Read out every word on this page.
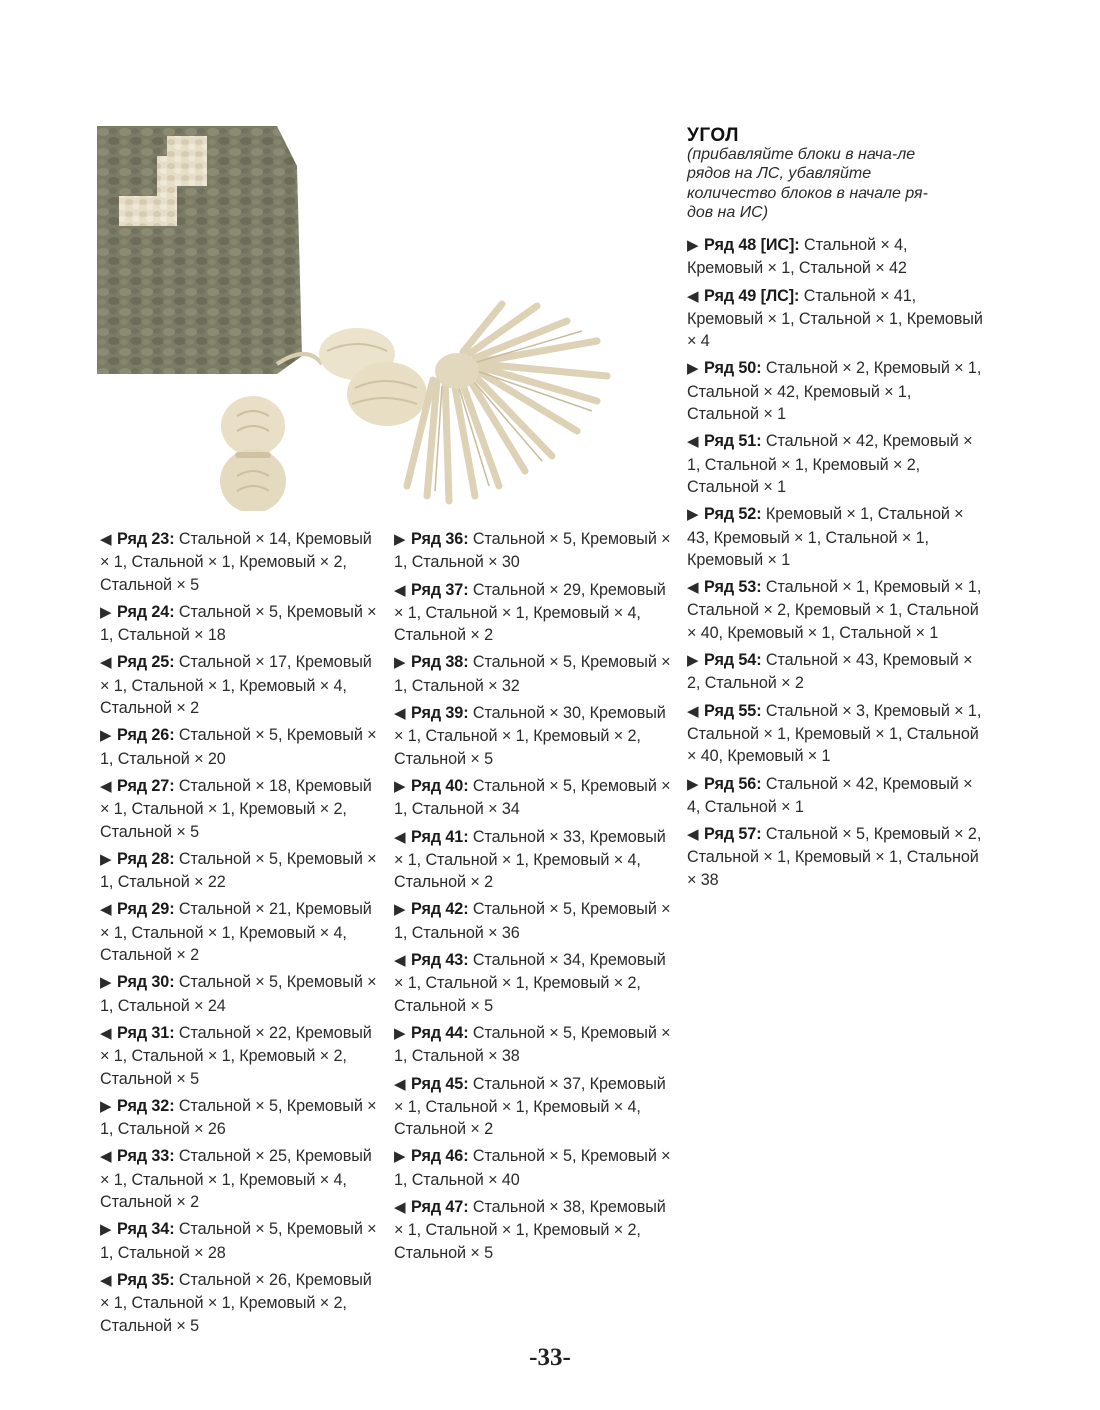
УГОЛ
(прибавляйте блоки в нача-ле рядов на ЛС, убавляйте количество блоков в начале ря-дов на ИС)
◀ Ряд 23: Стальной × 14, Кремовый × 1, Стальной × 1, Кремовый × 2, Стальной × 5
▶ Ряд 24: Стальной × 5, Кремовый × 1, Стальной × 18
◀ Ряд 25: Стальной × 17, Кремовый × 1, Стальной × 1, Кремовый × 4, Стальной × 2
▶ Ряд 26: Стальной × 5, Кремовый × 1, Стальной × 20
◀ Ряд 27: Стальной × 18, Кремовый × 1, Стальной × 1, Кремовый × 2, Стальной × 5
▶ Ряд 28: Стальной × 5, Кремовый × 1, Стальной × 22
◀ Ряд 29: Стальной × 21, Кремовый × 1, Стальной × 1, Кремовый × 4, Стальной × 2
▶ Ряд 30: Стальной × 5, Кремовый × 1, Стальной × 24
◀ Ряд 31: Стальной × 22, Кремовый × 1, Стальной × 1, Кремовый × 2, Стальной × 5
▶ Ряд 32: Стальной × 5, Кремовый × 1, Стальной × 26
◀ Ряд 33: Стальной × 25, Кремовый × 1, Стальной × 1, Кремовый × 4, Стальной × 2
▶ Ряд 34: Стальной × 5, Кремовый × 1, Стальной × 28
◀ Ряд 35: Стальной × 26, Кремовый × 1, Стальной × 1, Кремовый × 2, Стальной × 5
▶ Ряд 36: Стальной × 5, Кремовый × 1, Стальной × 30
◀ Ряд 37: Стальной × 29, Кремовый × 1, Стальной × 1, Кремовый × 4, Стальной × 2
▶ Ряд 38: Стальной × 5, Кремовый × 1, Стальной × 32
◀ Ряд 39: Стальной × 30, Кремовый × 1, Стальной × 1, Кремовый × 2, Стальной × 5
▶ Ряд 40: Стальной × 5, Кремовый × 1, Стальной × 34
◀ Ряд 41: Стальной × 33, Кремовый × 1, Стальной × 1, Кремовый × 4, Стальной × 2
▶ Ряд 42: Стальной × 5, Кремовый × 1, Стальной × 36
◀ Ряд 43: Стальной × 34, Кремовый × 1, Стальной × 1, Кремовый × 2, Стальной × 5
▶ Ряд 44: Стальной × 5, Кремовый × 1, Стальной × 38
◀ Ряд 45: Стальной × 37, Кремовый × 1, Стальной × 1, Кремовый × 4, Стальной × 2
▶ Ряд 46: Стальной × 5, Кремовый × 1, Стальной × 40
◀ Ряд 47: Стальной × 38, Кремовый × 1, Стальной × 1, Кремовый × 2, Стальной × 5
▶ Ряд 48 [ИС]: Стальной × 4, Кремовый × 1, Стальной × 42
◀ Ряд 49 [ЛС]: Стальной × 41, Кремовый × 1, Стальной × 1, Кремовый × 4
▶ Ряд 50: Стальной × 2, Кремовый × 1, Стальной × 42, Кремовый × 1, Стальной × 1
◀ Ряд 51: Стальной × 42, Кремовый × 1, Стальной × 1, Кремовый × 2, Стальной × 1
▶ Ряд 52: Кремовый × 1, Стальной × 43, Кремовый × 1, Стальной × 1, Кремовый × 1
◀ Ряд 53: Стальной × 1, Кремовый × 1, Стальной × 2, Кремовый × 1, Стальной × 40, Кремовый × 1, Стальной × 1
▶ Ряд 54: Стальной × 43, Кремовый × 2, Стальной × 2
◀ Ряд 55: Стальной × 3, Кремовый × 1, Стальной × 1, Кремовый × 1, Стальной × 40, Кремовый × 1
▶ Ряд 56: Стальной × 42, Кремовый × 4, Стальной × 1
◀ Ряд 57: Стальной × 5, Кремовый × 2, Стальной × 1, Кремовый × 1, Стальной × 38
-33-
